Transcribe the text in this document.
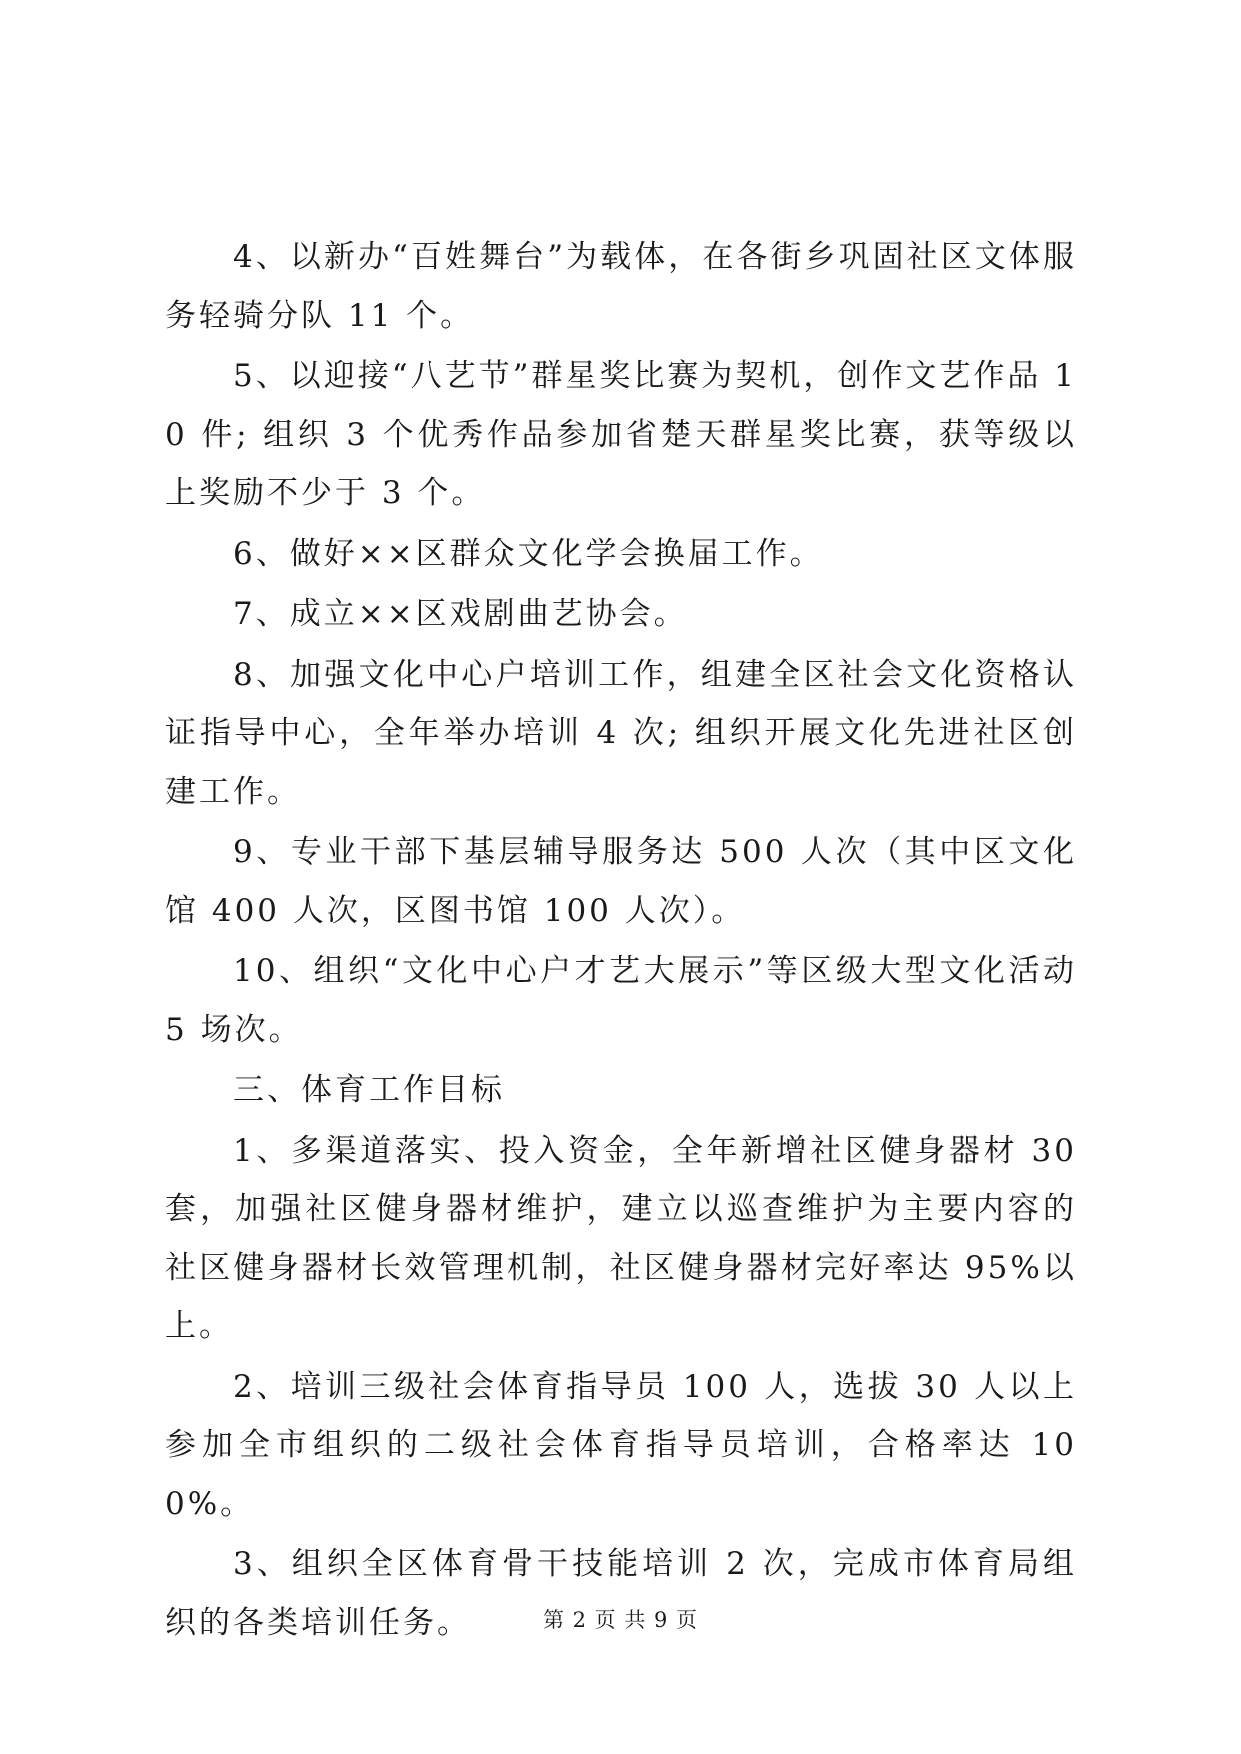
4、以新办“百姓舞台”为载体，在各街乡巩固社区文体服务轻骑分队 11 个。

5、以迎接“八艺节”群星奖比赛为契机，创作文艺作品 10 件; 组织 3 个优秀作品参加省楚天群星奖比赛，获等级以上奖励不少于 3 个。

6、做好××区群众文化学会换届工作。

7、成立××区戏剧曲艺协会。

8、加强文化中心户培训工作，组建全区社会文化资格认证指导中心，全年举办培训 4 次; 组织开展文化先进社区创建工作。

9、专业干部下基层辅导服务达 500 人次（其中区文化馆 400 人次，区图书馆 100 人次）。

10、组织“文化中心户才艺大展示”等区级大型文化活动 5 场次。

三、体育工作目标

1、多渠道落实、投入资金，全年新增社区健身器材 30 套，加强社区健身器材维护，建立以巡查维护为主要内容的社区健身器材长效管理机制，社区健身器材完好率达 95%以上。

2、培训三级社会体育指导员 100 人，选拔 30 人以上参加全市组织的二级社会体育指导员培训，合格率达 100%。

3、组织全区体育骨干技能培训 2 次，完成市体育局组织的各类培训任务。	第 2 页 共 9 页
